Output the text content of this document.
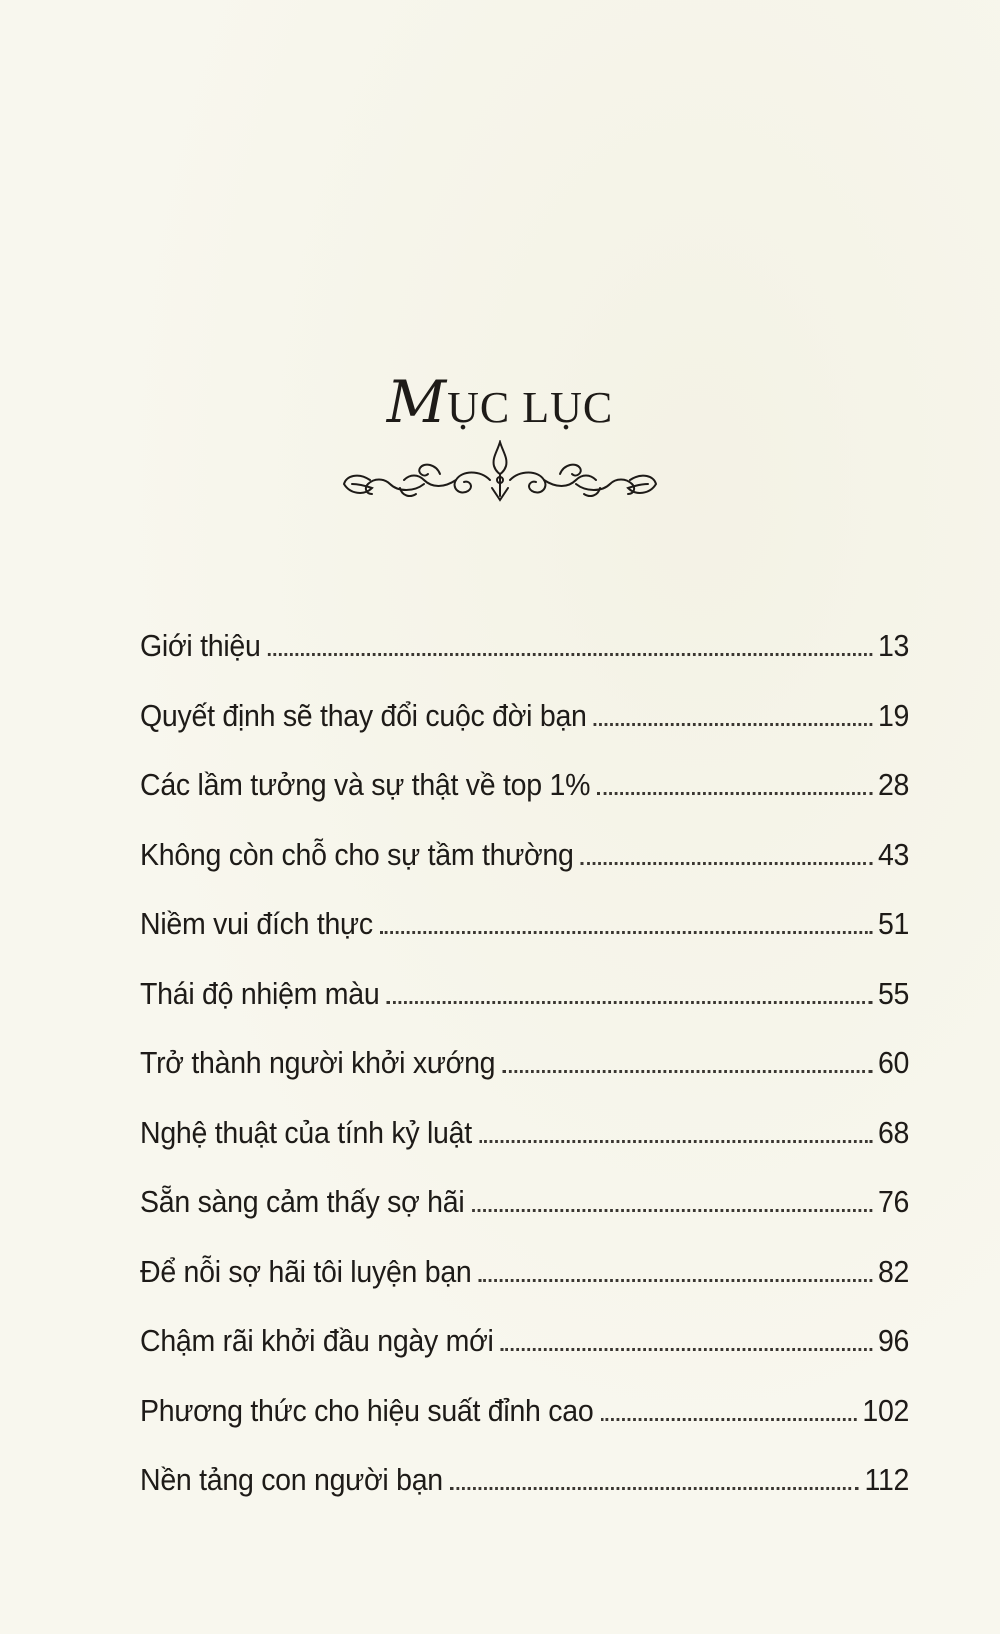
MỤC LỤC
Giới thiệu	13
Quyết định sẽ thay đổi cuộc đời bạn	19
Các lầm tưởng và sự thật về top 1%	28
Không còn chỗ cho sự tầm thường	43
Niềm vui đích thực	51
Thái độ nhiệm màu	55
Trở thành người khởi xướng	60
Nghệ thuật của tính kỷ luật	68
Sẵn sàng cảm thấy sợ hãi	76
Để nỗi sợ hãi tôi luyện bạn	82
Chậm rãi khởi đầu ngày mới	96
Phương thức cho hiệu suất đỉnh cao	102
Nền tảng con người bạn	112
